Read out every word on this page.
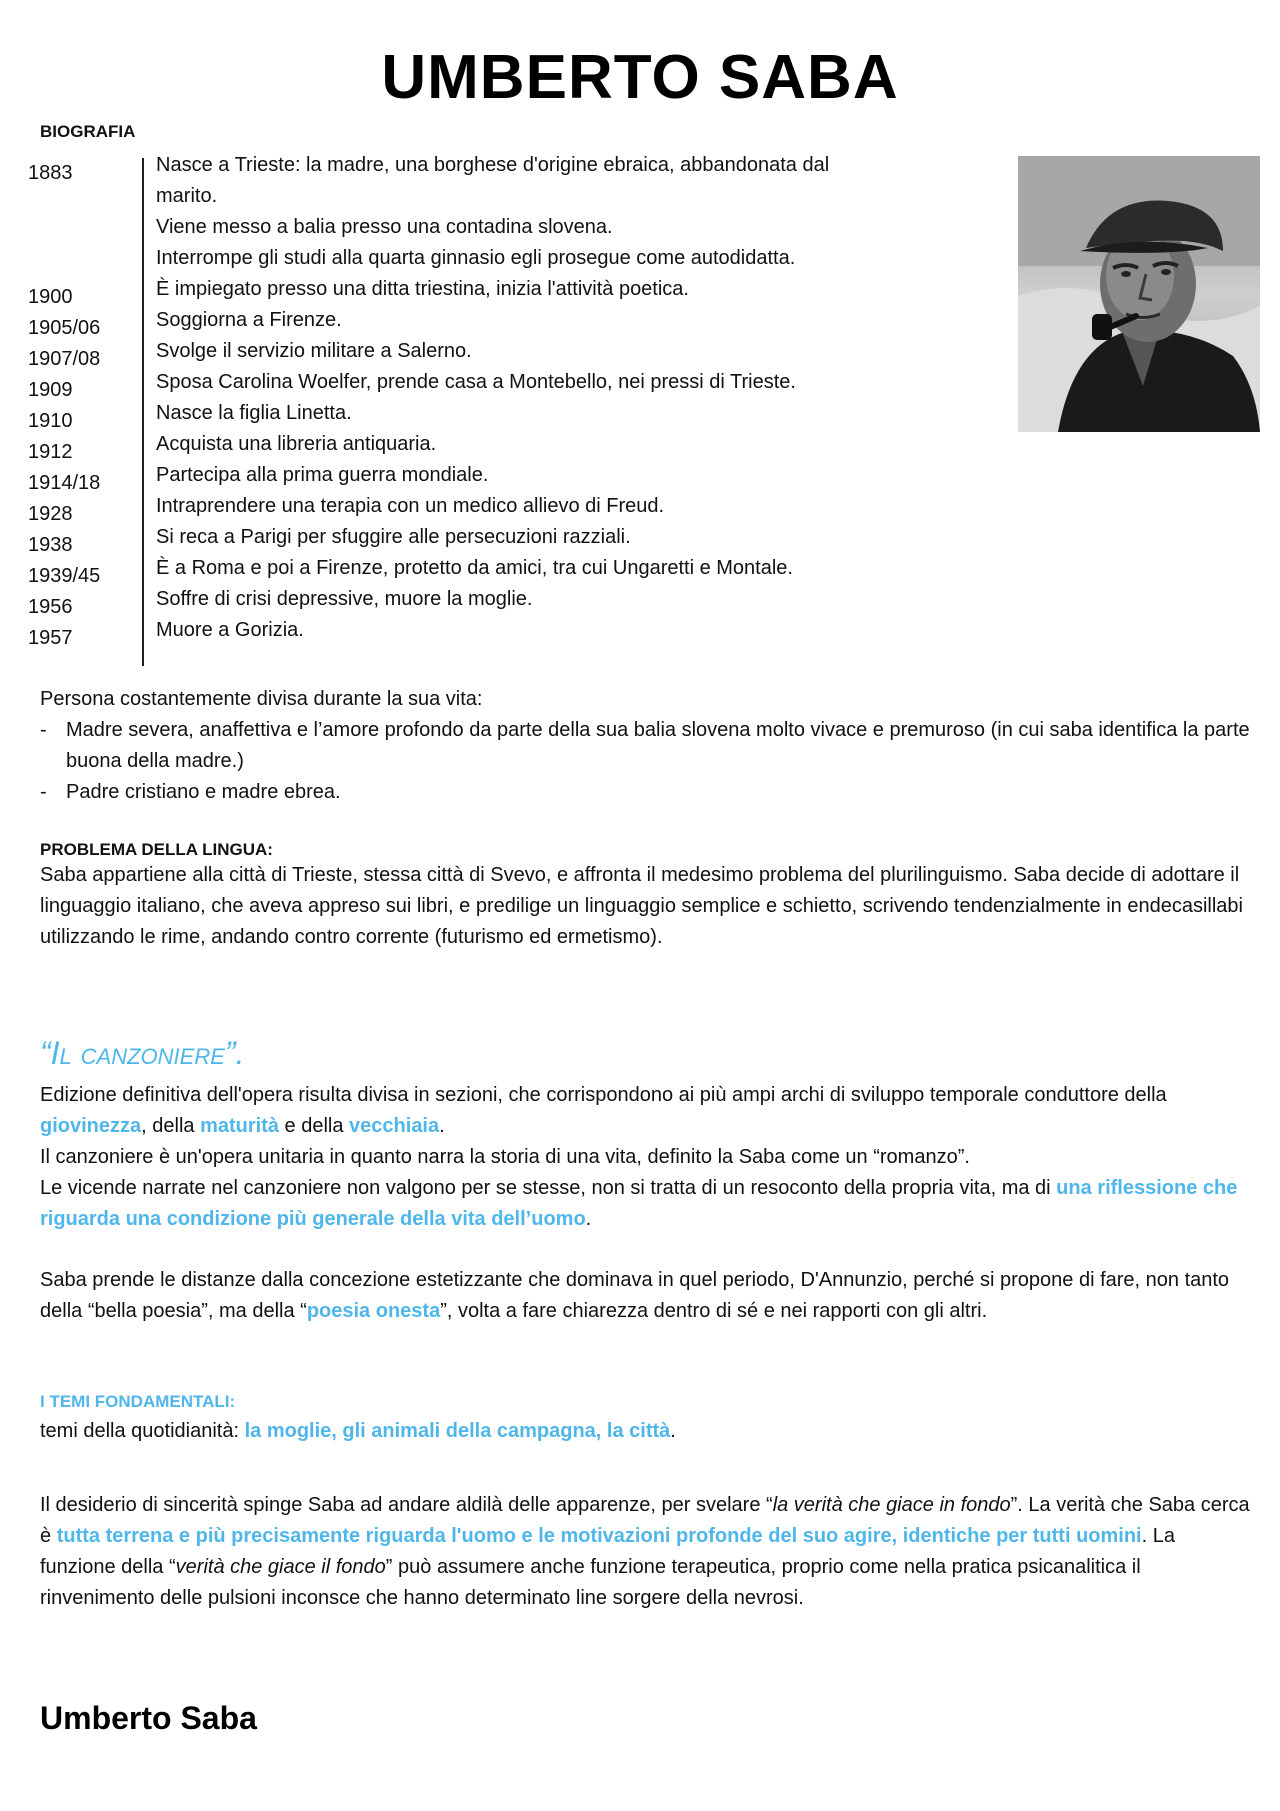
UMBERTO SABA
BIOGRAFIA
1883	Nasce a Trieste: la madre, una borghese d'origine ebraica, abbandonata dal
marito.
Viene messo a balia presso una contadina slovena.
Interrompe gli studi alla quarta ginnasio egli prosegue come autodidatta.
1900	È impiegato presso una ditta triestina, inizia l'attività poetica.
1905/06	Soggiorna a Firenze.
1907/08	Svolge il servizio militare a Salerno.
1909	Sposa Carolina Woelfer, prende casa a Montebello, nei pressi di Trieste.
1910	Nasce la figlia Linetta.
1912	Acquista una libreria antiquaria.
1914/18	Partecipa alla prima guerra mondiale.
1928	Intraprendere una terapia con un medico allievo di Freud.
1938	Si reca a Parigi per sfuggire alle persecuzioni razziali.
1939/45	È a Roma e poi a Firenze, protetto da amici, tra cui Ungaretti e Montale.
1956	Soffre di crisi depressive, muore la moglie.
1957	Muore a Gorizia.
Persona costantemente divisa durante la sua vita:
- Madre severa, anaffettiva e l’amore profondo da parte della sua balia slovena molto vivace e premuroso (in cui saba identifica la parte buona della madre.)
- Padre cristiano e madre ebrea.
PROBLEMA DELLA LINGUA:
Saba appartiene alla città di Trieste, stessa città di Svevo, e affronta il medesimo problema del plurilinguismo. Saba decide di adottare il linguaggio italiano, che aveva appreso sui libri, e predilige un linguaggio semplice e schietto, scrivendo tendenzialmente in endecasillabi utilizzando le rime, andando contro corrente (futurismo ed ermetismo).
“Il canzoniere”.
Edizione definitiva dell'opera risulta divisa in sezioni, che corrispondono ai più ampi archi di sviluppo temporale conduttore della giovinezza, della maturità e della vecchiaia.
Il canzoniere è un'opera unitaria in quanto narra la storia di una vita, definito la Saba come un “romanzo”.
Le vicende narrate nel canzoniere non valgono per se stesse, non si tratta di un resoconto della propria vita, ma di una riflessione che riguarda una condizione più generale della vita dell’uomo.
Saba prende le distanze dalla concezione estetizzante che dominava in quel periodo, D'Annunzio, perché si propone di fare, non tanto della “bella poesia”, ma della “poesia onesta”, volta a fare chiarezza dentro di sé e nei rapporti con gli altri.
I TEMI FONDAMENTALI:
temi della quotidianità: la moglie, gli animali della campagna, la città.
Il desiderio di sincerità spinge Saba ad andare aldilà delle apparenze, per svelare “la verità che giace in fondo”. La verità che Saba cerca è tutta terrena e più precisamente riguarda l'uomo e le motivazioni profonde del suo agire, identiche per tutti uomini. La funzione della “verità che giace il fondo” può assumere anche funzione terapeutica, proprio come nella pratica psicanalitica il rinvenimento delle pulsioni inconsce che hanno determinato line sorgere della nevrosi.
Umberto Saba
